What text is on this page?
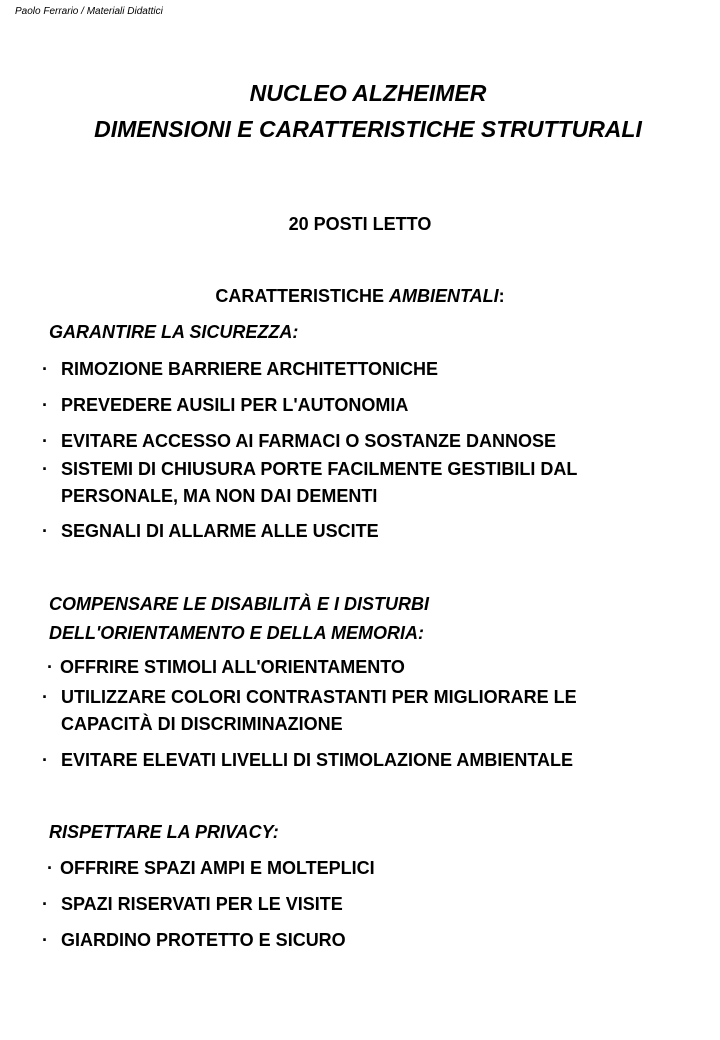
Paolo Ferrario / Materiali Didattici
NUCLEO ALZHEIMER
DIMENSIONI E CARATTERISTICHE STRUTTURALI
20 POSTI LETTO
CARATTERISTICHE AMBIENTALI:
GARANTIRE LA SICUREZZA:
· RIMOZIONE BARRIERE ARCHITETTONICHE
· PREVEDERE AUSILI PER L'AUTONOMIA
· EVITARE ACCESSO AI FARMACI O SOSTANZE DANNOSE
· SISTEMI DI CHIUSURA PORTE FACILMENTE GESTIBILI DAL
PERSONALE, MA NON DAI DEMENTI
· SEGNALI DI ALLARME ALLE USCITE
COMPENSARE LE DISABILITÀ E I DISTURBI
DELL'ORIENTAMENTO E DELLA MEMORIA:
· OFFRIRE STIMOLI ALL'ORIENTAMENTO
· UTILIZZARE COLORI CONTRASTANTI PER MIGLIORARE LE
CAPACITÀ DI DISCRIMINAZIONE
· EVITARE ELEVATI LIVELLI DI STIMOLAZIONE AMBIENTALE
RISPETTARE LA PRIVACY:
· OFFRIRE SPAZI AMPI E MOLTEPLICI
· SPAZI RISERVATI PER LE VISITE
· GIARDINO PROTETTO E SICURO
